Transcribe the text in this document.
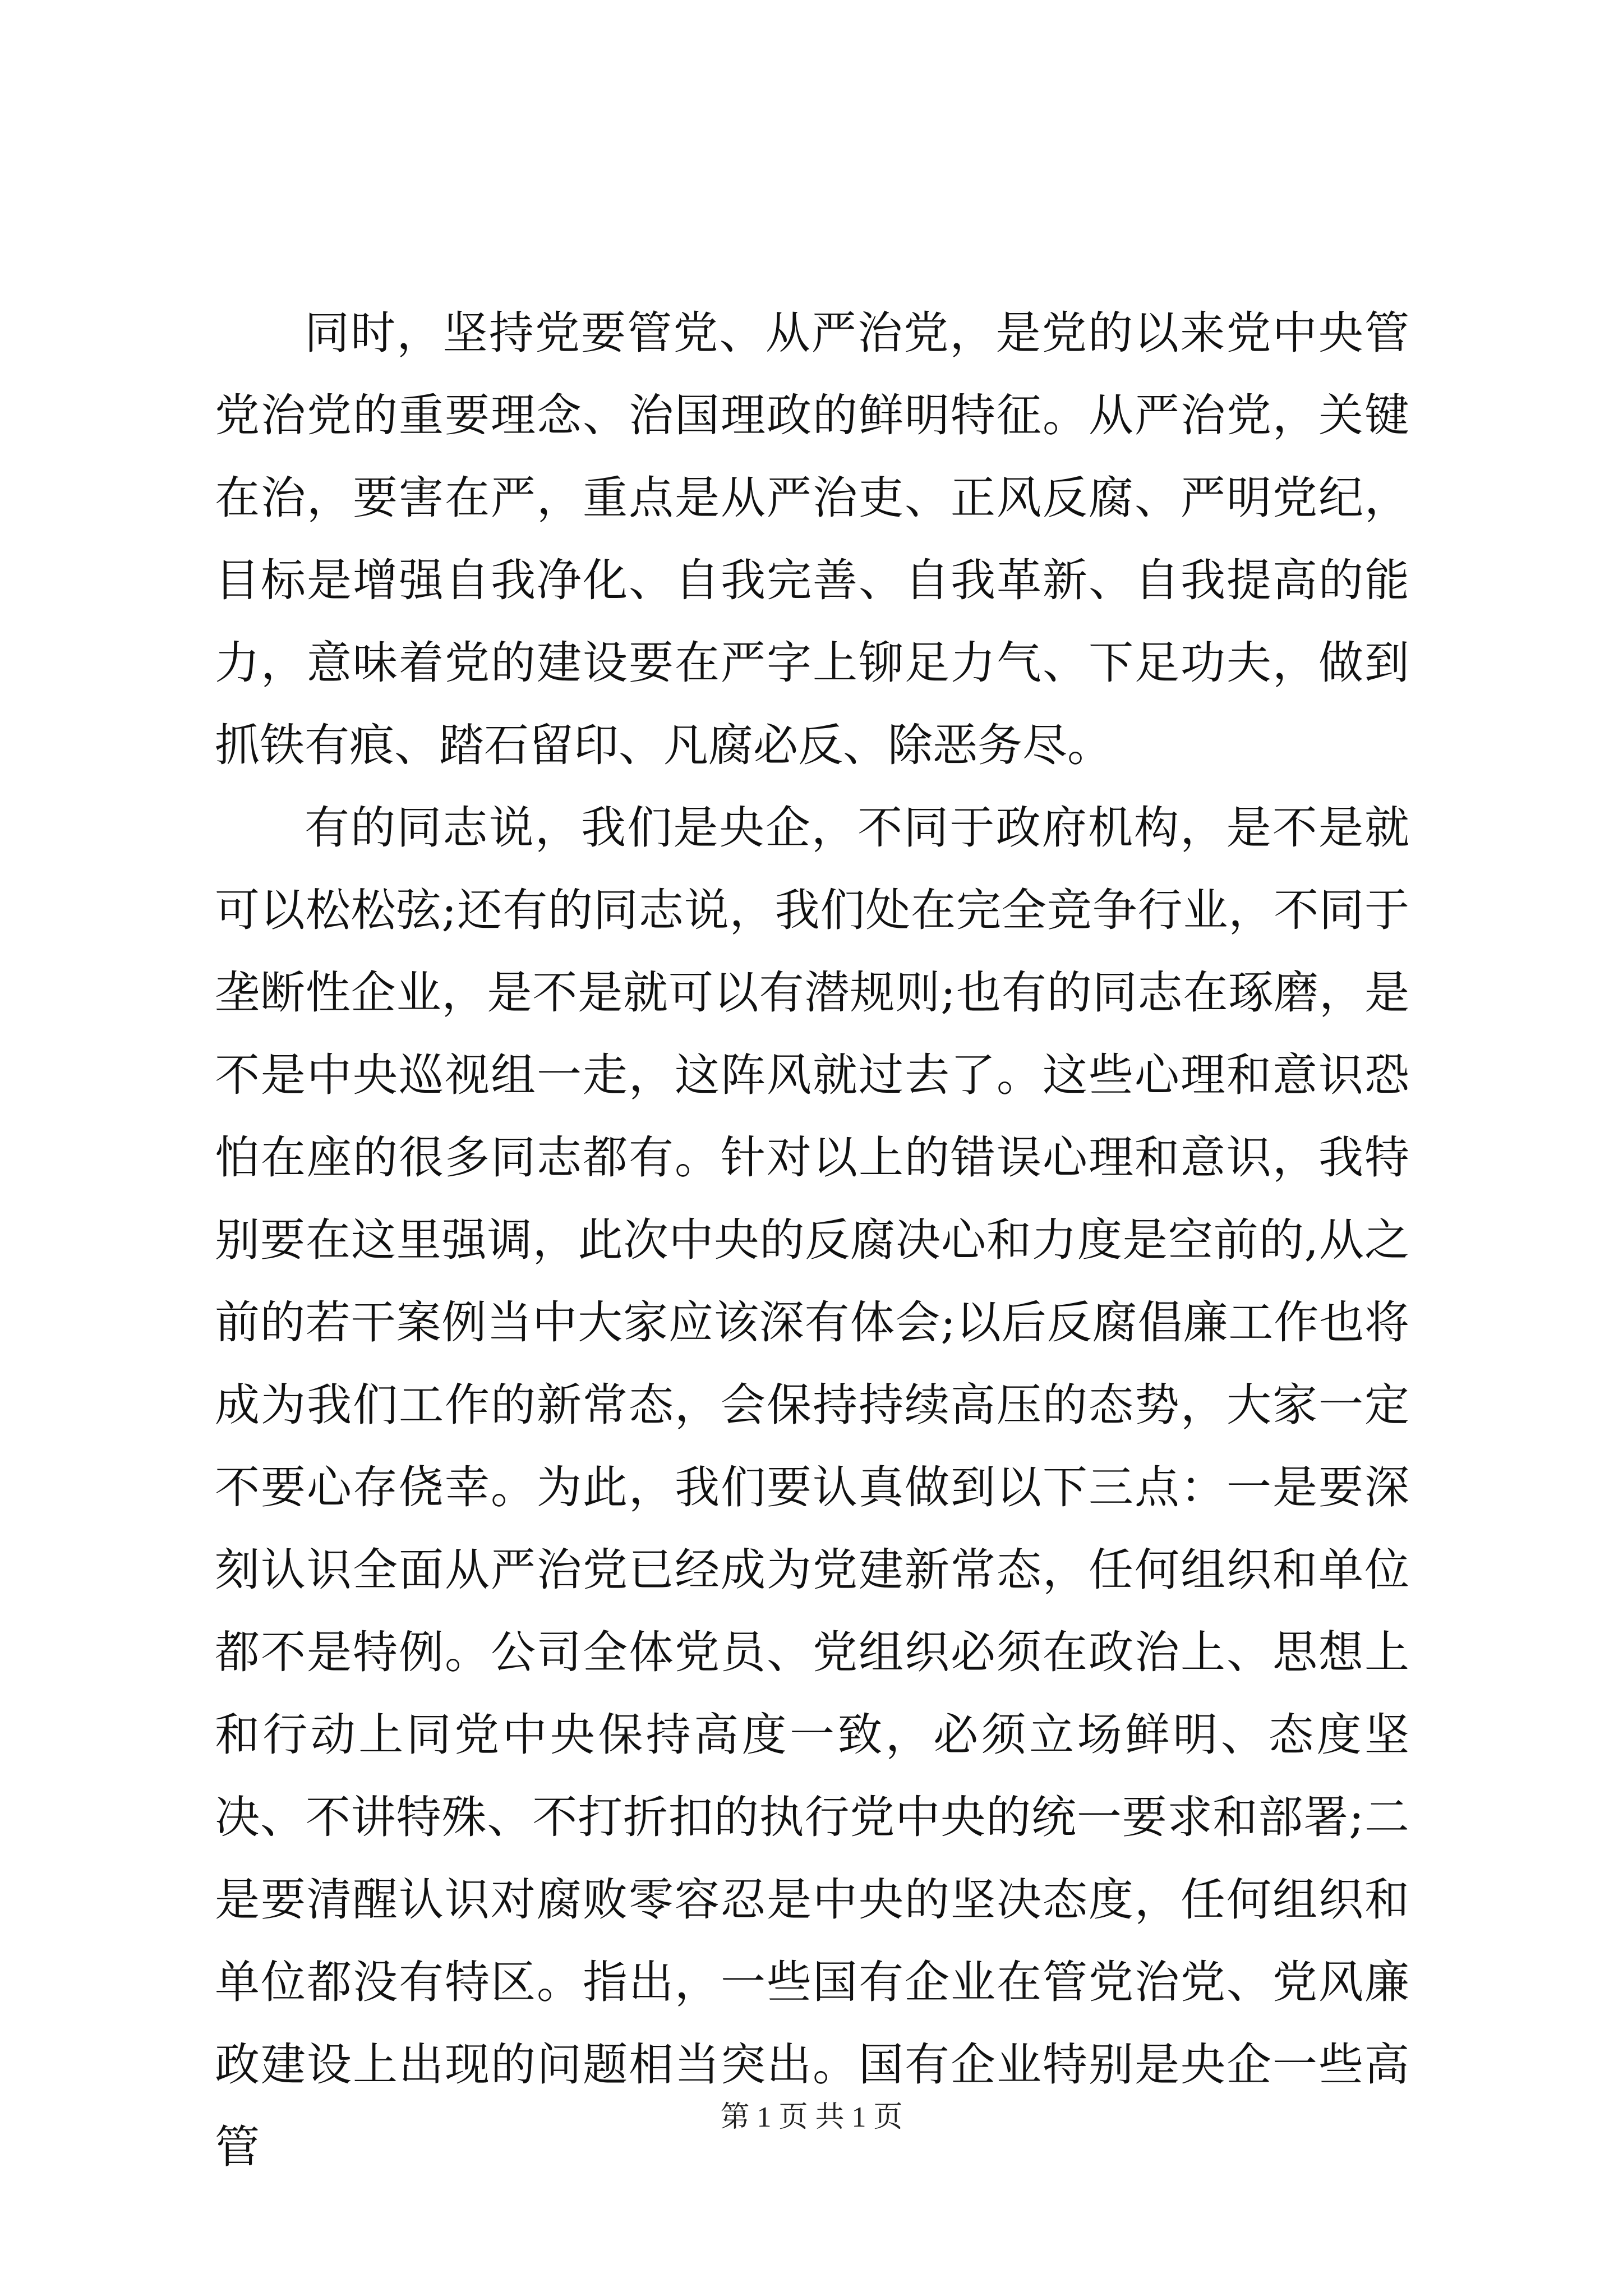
同时，坚持党要管党、从严治党，是党的以来党中央管党治党的重要理念、治国理政的鲜明特征。从严治党，关键在治，要害在严，重点是从严治吏、正风反腐、严明党纪，目标是增强自我净化、自我完善、自我革新、自我提高的能力，意味着党的建设要在严字上铆足力气、下足功夫，做到抓铁有痕、踏石留印、凡腐必反、除恶务尽。

有的同志说，我们是央企，不同于政府机构，是不是就可以松松弦;还有的同志说，我们处在完全竞争行业，不同于垄断性企业，是不是就可以有潜规则;也有的同志在琢磨，是不是中央巡视组一走，这阵风就过去了。这些心理和意识恐怕在座的很多同志都有。针对以上的错误心理和意识，我特别要在这里强调，此次中央的反腐决心和力度是空前的,从之前的若干案例当中大家应该深有体会;以后反腐倡廉工作也将成为我们工作的新常态，会保持持续高压的态势，大家一定不要心存侥幸。为此，我们要认真做到以下三点：一是要深刻认识全面从严治党已经成为党建新常态，任何组织和单位都不是特例。公司全体党员、党组织必须在政治上、思想上和行动上同党中央保持高度一致，必须立场鲜明、态度坚决、不讲特殊、不打折扣的执行党中央的统一要求和部署;二是要清醒认识对腐败零容忍是中央的坚决态度，任何组织和单位都没有特区。指出，一些国有企业在管党治党、党风廉政建设上出现的问题相当突出。国有企业特别是央企一些高管

第 1 页 共 1 页
